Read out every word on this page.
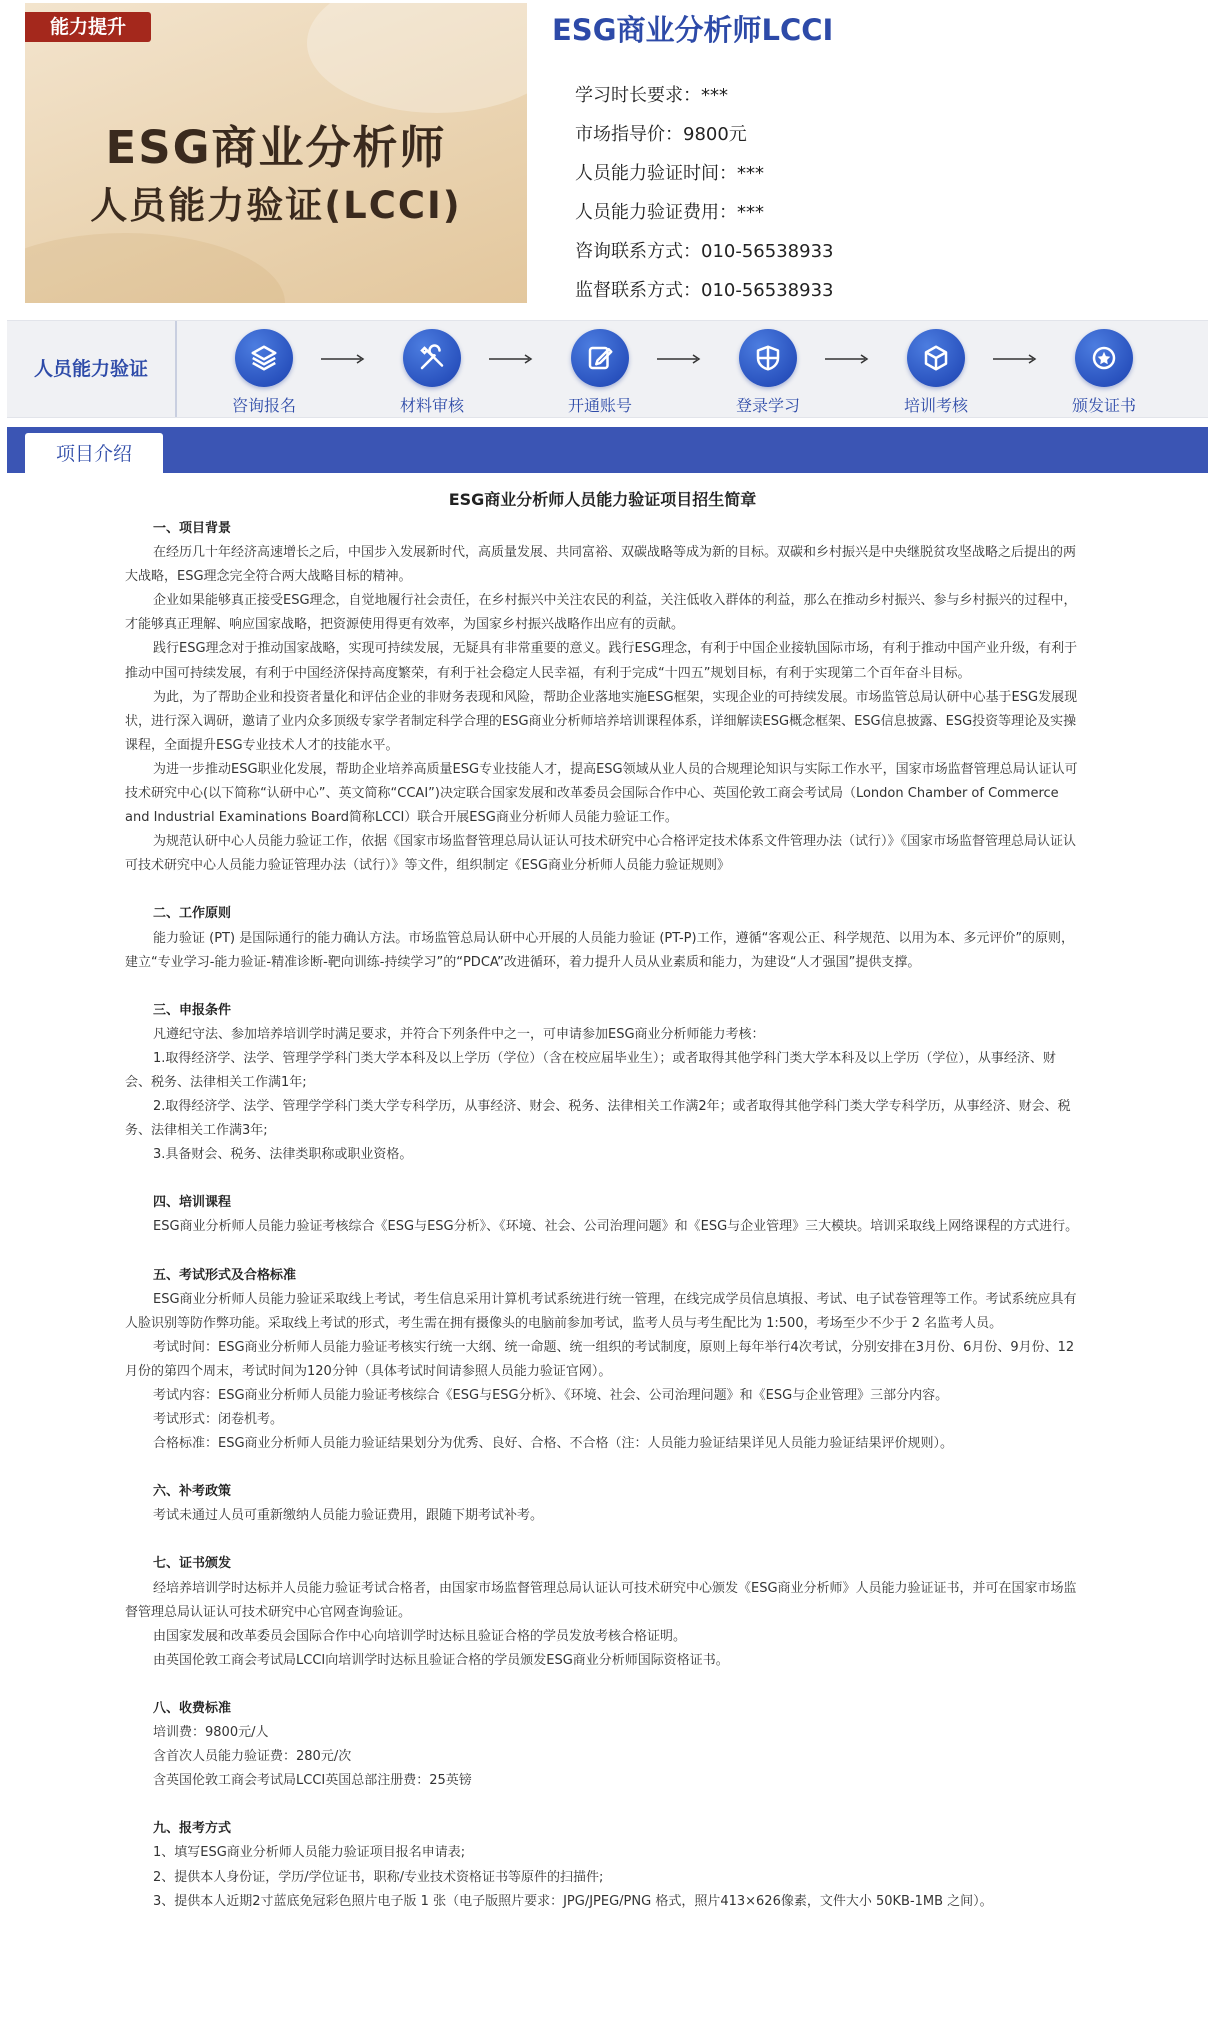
能力提升
ESG商业分析师
人员能力验证(LCCI)
ESG商业分析师LCCI
学习时长要求：***
市场指导价：9800元
人员能力验证时间：***
人员能力验证费用：***
咨询联系方式：010-56538933
监督联系方式：010-56538933
人员能力验证
咨询报名	材料审核	开通账号	登录学习	培训考核	颁发证书
项目介绍
ESG商业分析师人员能力验证项目招生简章
一、项目背景

在经历几十年经济高速增长之后，中国步入发展新时代，高质量发展、共同富裕、双碳战略等成为新的目标。双碳和乡村振兴是中央继脱贫攻坚战略之后提出的两大战略，ESG理念完全符合两大战略目标的精神。

企业如果能够真正接受ESG理念，自觉地履行社会责任，在乡村振兴中关注农民的利益，关注低收入群体的利益，那么在推动乡村振兴、参与乡村振兴的过程中，才能够真正理解、响应国家战略，把资源使用得更有效率，为国家乡村振兴战略作出应有的贡献。

践行ESG理念对于推动国家战略，实现可持续发展，无疑具有非常重要的意义。践行ESG理念，有利于中国企业接轨国际市场，有利于推动中国产业升级，有利于推动中国可持续发展，有利于中国经济保持高度繁荣，有利于社会稳定人民幸福，有利于完成“十四五”规划目标，有利于实现第二个百年奋斗目标。

为此，为了帮助企业和投资者量化和评估企业的非财务表现和风险，帮助企业落地实施ESG框架，实现企业的可持续发展。市场监管总局认研中心基于ESG发展现状，进行深入调研，邀请了业内众多顶级专家学者制定科学合理的ESG商业分析师培养培训课程体系，详细解读ESG概念框架、ESG信息披露、ESG投资等理论及实操课程，全面提升ESG专业技术人才的技能水平。

为进一步推动ESG职业化发展，帮助企业培养高质量ESG专业技能人才，提高ESG领域从业人员的合规理论知识与实际工作水平，国家市场监督管理总局认证认可技术研究中心(以下简称“认研中心”、英文简称“CCAI”)决定联合国家发展和改革委员会国际合作中心、英国伦敦工商会考试局（London Chamber of Commerce and Industrial Examinations Board简称LCCI）联合开展ESG商业分析师人员能力验证工作。

为规范认研中心人员能力验证工作，依据《国家市场监督管理总局认证认可技术研究中心合格评定技术体系文件管理办法（试行）》《国家市场监督管理总局认证认可技术研究中心人员能力验证管理办法（试行）》等文件，组织制定《ESG商业分析师人员能力验证规则》

二、工作原则

能力验证 (PT) 是国际通行的能力确认方法。市场监管总局认研中心开展的人员能力验证 (PT-P)工作，遵循“客观公正、科学规范、以用为本、多元评价”的原则，建立“专业学习-能力验证-精准诊断-靶向训练-持续学习”的“PDCA”改进循环，着力提升人员从业素质和能力，为建设“人才强国”提供支撑。

三、申报条件

凡遵纪守法、参加培养培训学时满足要求，并符合下列条件中之一，可申请参加ESG商业分析师能力考核：

1.取得经济学、法学、管理学学科门类大学本科及以上学历（学位）（含在校应届毕业生）；或者取得其他学科门类大学本科及以上学历（学位），从事经济、财会、税务、法律相关工作满1年;

2.取得经济学、法学、管理学学科门类大学专科学历，从事经济、财会、税务、法律相关工作满2年；或者取得其他学科门类大学专科学历，从事经济、财会、税务、法律相关工作满3年;

3.具备财会、税务、法律类职称或职业资格。

四、培训课程

ESG商业分析师人员能力验证考核综合《ESG与ESG分析》、《环境、社会、公司治理问题》和《ESG与企业管理》三大模块。培训采取线上网络课程的方式进行。

五、考试形式及合格标准

ESG商业分析师人员能力验证采取线上考试，考生信息采用计算机考试系统进行统一管理，在线完成学员信息填报、考试、电子试卷管理等工作。考试系统应具有人脸识别等防作弊功能。采取线上考试的形式，考生需在拥有摄像头的电脑前参加考试，监考人员与考生配比为 1:500，考场至少不少于 2 名监考人员。

考试时间：ESG商业分析师人员能力验证考核实行统一大纲、统一命题、统一组织的考试制度，原则上每年举行4次考试，分别安排在3月份、6月份、9月份、12月份的第四个周末，考试时间为120分钟（具体考试时间请参照人员能力验证官网）。

考试内容：ESG商业分析师人员能力验证考核综合《ESG与ESG分析》、《环境、社会、公司治理问题》和《ESG与企业管理》三部分内容。

考试形式：闭卷机考。

合格标准：ESG商业分析师人员能力验证结果划分为优秀、良好、合格、不合格（注：人员能力验证结果详见人员能力验证结果评价规则）。

六、补考政策

考试未通过人员可重新缴纳人员能力验证费用，跟随下期考试补考。

七、证书颁发

经培养培训学时达标并人员能力验证考试合格者，由国家市场监督管理总局认证认可技术研究中心颁发《ESG商业分析师》人员能力验证证书，并可在国家市场监督管理总局认证认可技术研究中心官网查询验证。

由国家发展和改革委员会国际合作中心向培训学时达标且验证合格的学员发放考核合格证明。

由英国伦敦工商会考试局LCCI向培训学时达标且验证合格的学员颁发ESG商业分析师国际资格证书。

八、收费标准

培训费：9800元/人

含首次人员能力验证费：280元/次

含英国伦敦工商会考试局LCCI英国总部注册费：25英镑

九、报考方式

1、填写ESG商业分析师人员能力验证项目报名申请表;

2、提供本人身份证，学历/学位证书，职称/专业技术资格证书等原件的扫描件;

3、提供本人近期2寸蓝底免冠彩色照片电子版 1 张（电子版照片要求：JPG/JPEG/PNG 格式，照片413×626像素，文件大小 50KB-1MB 之间）。
